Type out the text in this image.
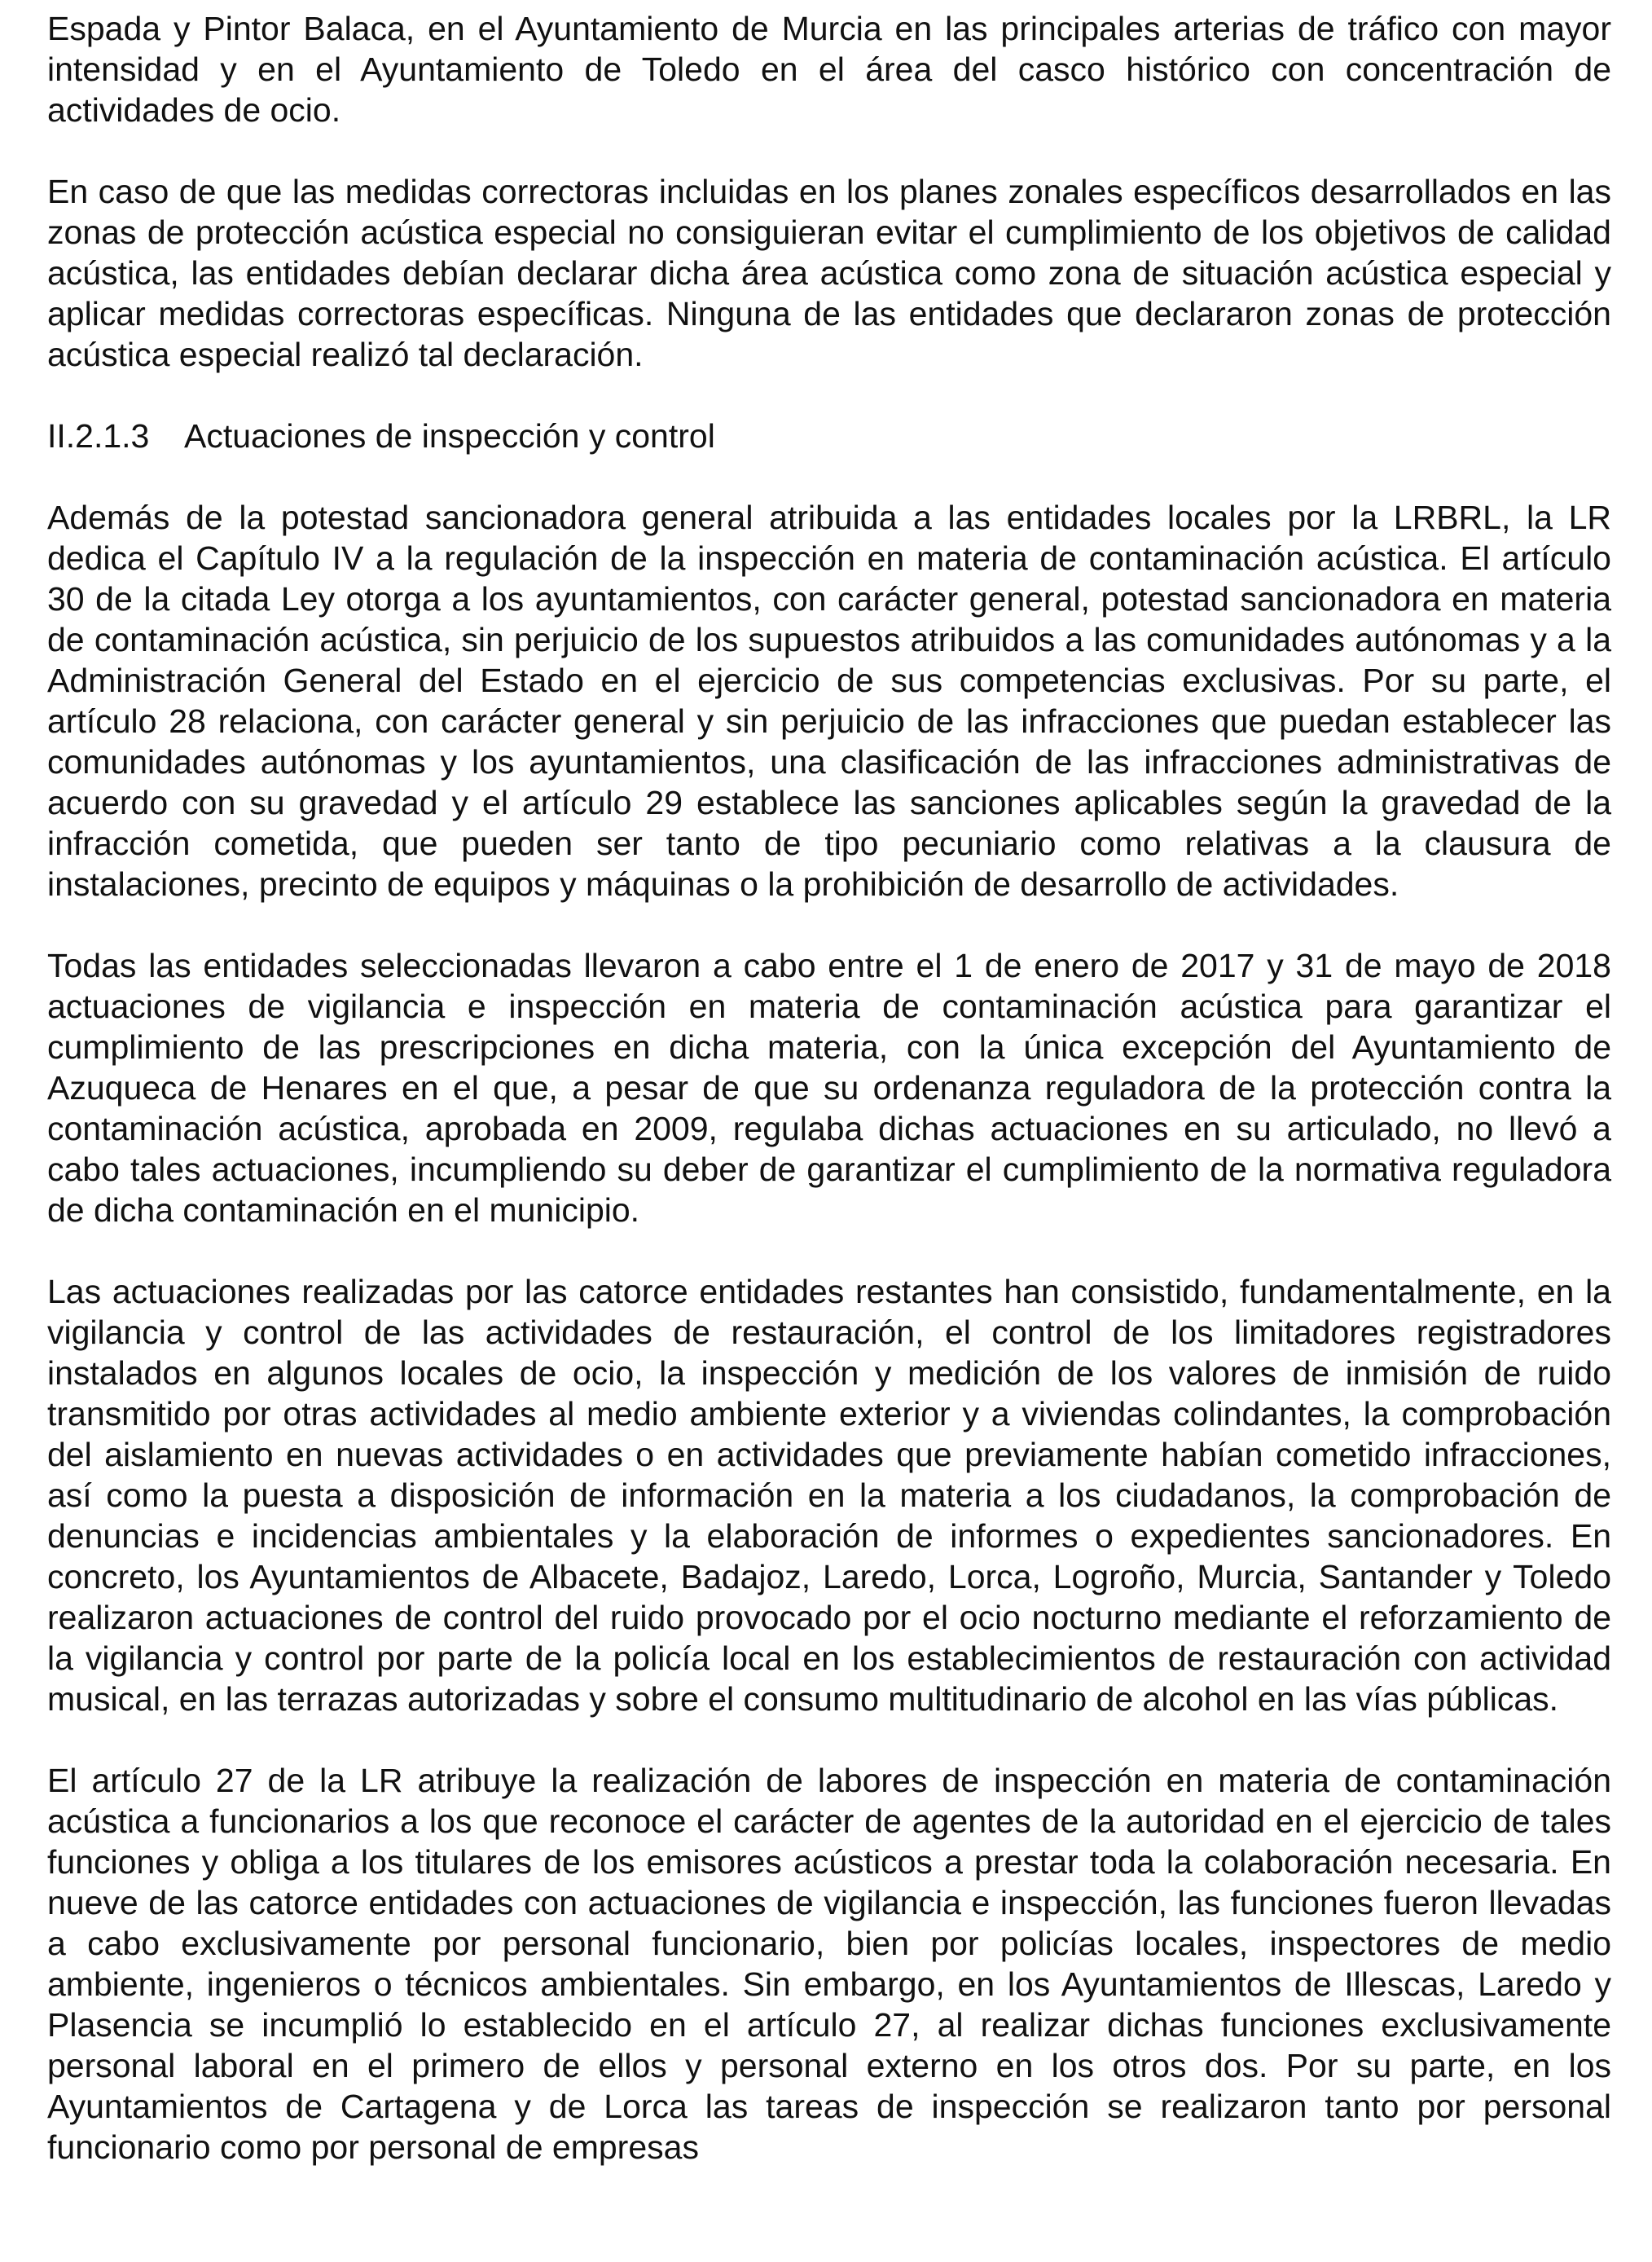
Espada y Pintor Balaca, en el Ayuntamiento de Murcia en las principales arterias de tráfico con mayor intensidad y en el Ayuntamiento de Toledo en el área del casco histórico con concentración de actividades de ocio.

En caso de que las medidas correctoras incluidas en los planes zonales específicos desarrollados en las zonas de protección acústica especial no consiguieran evitar el cumplimiento de los objetivos de calidad acústica, las entidades debían declarar dicha área acústica como zona de situación acústica especial y aplicar medidas correctoras específicas. Ninguna de las entidades que declararon zonas de protección acústica especial realizó tal declaración.

II.2.1.3 Actuaciones de inspección y control

Además de la potestad sancionadora general atribuida a las entidades locales por la LRBRL, la LR dedica el Capítulo IV a la regulación de la inspección en materia de contaminación acústica. El artículo 30 de la citada Ley otorga a los ayuntamientos, con carácter general, potestad sancionadora en materia de contaminación acústica, sin perjuicio de los supuestos atribuidos a las comunidades autónomas y a la Administración General del Estado en el ejercicio de sus competencias exclusivas. Por su parte, el artículo 28 relaciona, con carácter general y sin perjuicio de las infracciones que puedan establecer las comunidades autónomas y los ayuntamientos, una clasificación de las infracciones administrativas de acuerdo con su gravedad y el artículo 29 establece las sanciones aplicables según la gravedad de la infracción cometida, que pueden ser tanto de tipo pecuniario como relativas a la clausura de instalaciones, precinto de equipos y máquinas o la prohibición de desarrollo de actividades.

Todas las entidades seleccionadas llevaron a cabo entre el 1 de enero de 2017 y 31 de mayo de 2018 actuaciones de vigilancia e inspección en materia de contaminación acústica para garantizar el cumplimiento de las prescripciones en dicha materia, con la única excepción del Ayuntamiento de Azuqueca de Henares en el que, a pesar de que su ordenanza reguladora de la protección contra la contaminación acústica, aprobada en 2009, regulaba dichas actuaciones en su articulado, no llevó a cabo tales actuaciones, incumpliendo su deber de garantizar el cumplimiento de la normativa reguladora de dicha contaminación en el municipio.

Las actuaciones realizadas por las catorce entidades restantes han consistido, fundamentalmente, en la vigilancia y control de las actividades de restauración, el control de los limitadores registradores instalados en algunos locales de ocio, la inspección y medición de los valores de inmisión de ruido transmitido por otras actividades al medio ambiente exterior y a viviendas colindantes, la comprobación del aislamiento en nuevas actividades o en actividades que previamente habían cometido infracciones, así como la puesta a disposición de información en la materia a los ciudadanos, la comprobación de denuncias e incidencias ambientales y la elaboración de informes o expedientes sancionadores. En concreto, los Ayuntamientos de Albacete, Badajoz, Laredo, Lorca, Logroño, Murcia, Santander y Toledo realizaron actuaciones de control del ruido provocado por el ocio nocturno mediante el reforzamiento de la vigilancia y control por parte de la policía local en los establecimientos de restauración con actividad musical, en las terrazas autorizadas y sobre el consumo multitudinario de alcohol en las vías públicas.

El artículo 27 de la LR atribuye la realización de labores de inspección en materia de contaminación acústica a funcionarios a los que reconoce el carácter de agentes de la autoridad en el ejercicio de tales funciones y obliga a los titulares de los emisores acústicos a prestar toda la colaboración necesaria. En nueve de las catorce entidades con actuaciones de vigilancia e inspección, las funciones fueron llevadas a cabo exclusivamente por personal funcionario, bien por policías locales, inspectores de medio ambiente, ingenieros o técnicos ambientales. Sin embargo, en los Ayuntamientos de Illescas, Laredo y Plasencia se incumplió lo establecido en el artículo 27, al realizar dichas funciones exclusivamente personal laboral en el primero de ellos y personal externo en los otros dos. Por su parte, en los Ayuntamientos de Cartagena y de Lorca las tareas de inspección se realizaron tanto por personal funcionario como por personal de empresas
